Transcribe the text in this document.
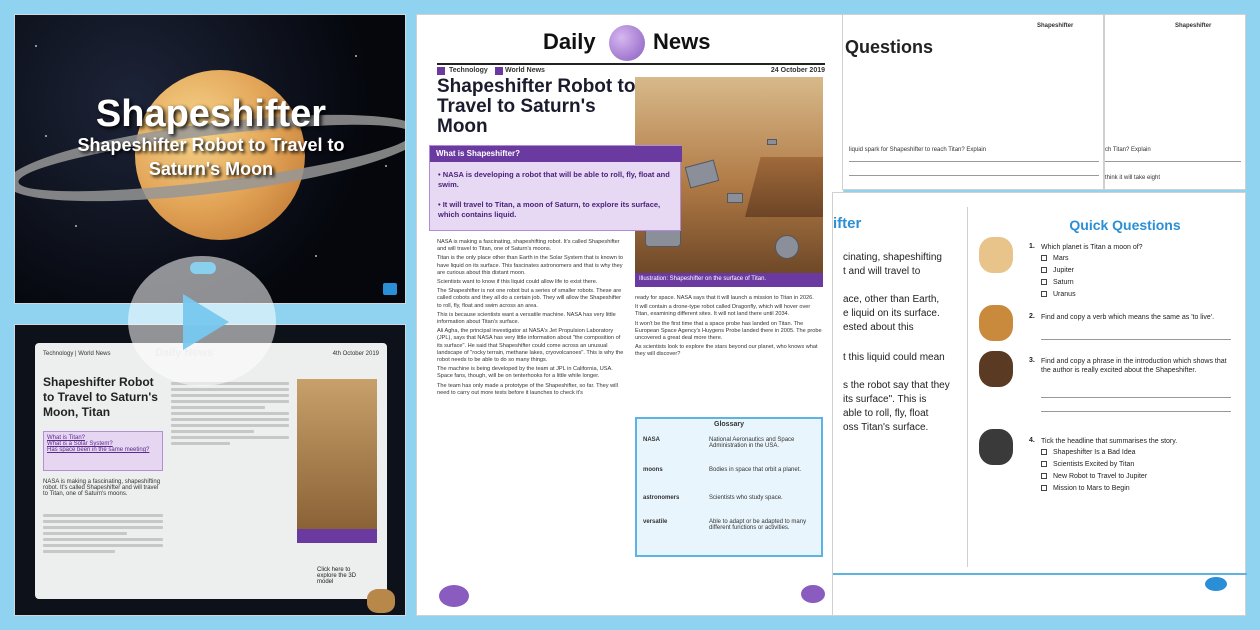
Shapeshifter
Shapeshifter Robot to Travel to Saturn's Moon
Technology | World News	4th October 2019
Shapeshifter Robot to Travel to Saturn's Moon, Titan
What is Titan?
What is a Solar System?
Has space been in the same meeting?
NASA is making a fascinating, shapeshifting robot. It's called Shapeshifter and will travel to Titan, one of Saturn's moons.
Click here to explore the 3D model
Daily	News
Technology World News	24 October 2019
Shapeshifter Robot to Travel to Saturn's Moon
Illustration: Shapeshifter on the surface of Titan.
What is Shapeshifter?
• NASA is developing a robot that will be able to roll, fly, float and swim.
• It will travel to Titan, a moon of Saturn, to explore its surface, which contains liquid.

NASA is making a fascinating, shapeshifting robot. It's called Shapeshifter and will travel to Titan, one of Saturn's moons.

Titan is the only place other than Earth in the Solar System that is known to have liquid on its surface. This fascinates astronomers and that is why they are curious about this distant moon.

Scientists want to know if this liquid could allow life to exist there.

The Shapeshifter is not one robot but a series of smaller robots. These are called cobots and they all do a certain job. They will allow the Shapeshifter to roll, fly, float and swim across an area.

This is because scientists want a versatile machine. NASA has very little information about Titan's surface.

Ali Agha, the principal investigator at NASA's Jet Propulsion Laboratory (JPL), says that NASA has very little information about "the composition of its surface". He said that Shapeshifter could come across an unusual landscape of "rocky terrain, methane lakes, cryovolcanoes". This is why the robot needs to be able to do so many things.

The machine is being developed by the team at JPL in California, USA. Space fans, though, will be on tenterhooks for a little while longer.

The team has only made a prototype of the Shapeshifter, so far. They will need to carry out more tests before it launches to check it's

ready for space. NASA says that it will launch a mission to Titan in 2026.

It will contain a drone-type robot called Dragonfly, which will hover over Titan, examining different sites. It will not land there until 2034.

It won't be the first time that a space probe has landed on Titan. The European Space Agency's Huygens Probe landed there in 2005. The probe uncovered a great deal more there.

As scientists look to explore the stars beyond our planet, who knows what they will discover?

Glossary
NASA	National Aeronautics and Space Administration in the USA.
moons	Bodies in space that orbit a planet.
astronomers	Scientists who study space.
versatile	Able to adapt or be adapted to many different functions or activities.
Shapeshifter
Questions
liquid spark for Shapeshifter to reach Titan? Explain
Shapeshifter
ch Titan? Explain
think it will take eight
ifter
cinating, shapeshifting
t and will travel to
ace, other than Earth,
e liquid on its surface.
ested about this
t this liquid could mean
s the robot say that they
its surface". This is
able to roll, fly, float
oss Titan's surface.
Quick Questions
1. Which planet is Titan a moon of?
Mars
Jupiter
Saturn
Uranus
2. Find and copy a verb which means the same as 'to live'.
3. Find and copy a phrase in the introduction which shows that the author is really excited about the Shapeshifter.
4. Tick the headline that summarises the story.
Shapeshifter Is a Bad Idea
Scientists Excited by Titan
New Robot to Travel to Jupiter
Mission to Mars to Begin
